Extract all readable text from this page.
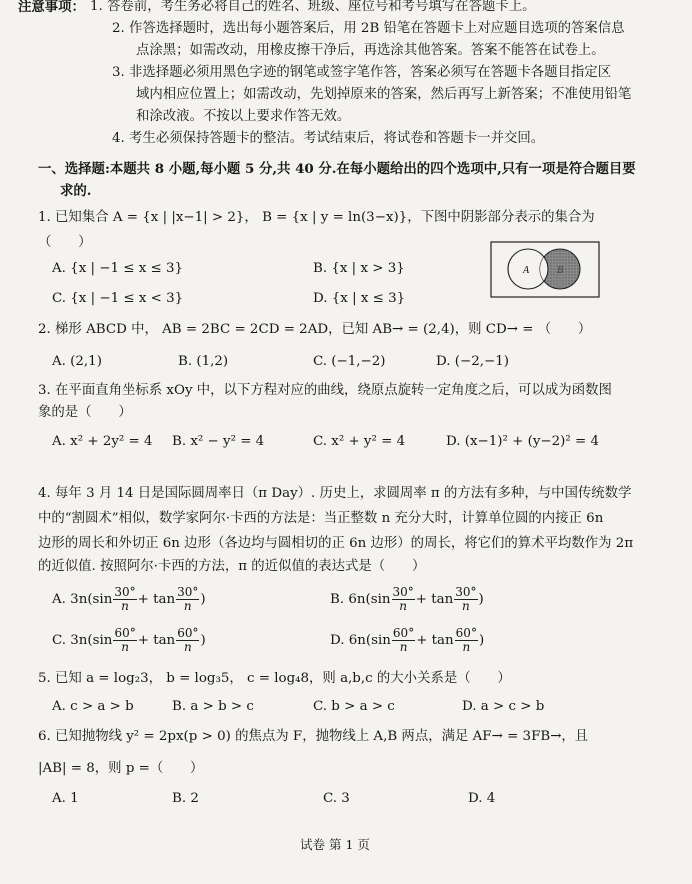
注意事项： 1. 答卷前，考生务必将自己的姓名、班级、座位号和考号填写在答题卡上。
2. 作答选择题时，选出每小题答案后，用 2B 铅笔在答题卡上对应题目选项的答案信息
点涂黑；如需改动，用橡皮擦干净后，再选涂其他答案。答案不能答在试卷上。
3. 非选择题必须用黑色字迹的钢笔或签字笔作答，答案必须写在答题卡各题目指定区
域内相应位置上；如需改动，先划掉原来的答案，然后再写上新答案；不准使用铅笔
和涂改液。不按以上要求作答无效。
4. 考生必须保持答题卡的整洁。考试结束后，将试卷和答题卡一并交回。
一、选择题:本题共 8 小题,每小题 5 分,共 40 分.在每小题给出的四个选项中,只有一项是符合题目要
求的.
1. 已知集合 A = {x | |x−1| > 2}， B = {x | y = ln(3−x)}，下图中阴影部分表示的集合为
（　　）
A. {x | −1 ≤ x ≤ 3}	B. {x | x > 3}
C. {x | −1 ≤ x < 3}	D. {x | x ≤ 3}
A	B
2. 梯形 ABCD 中， AB = 2BC = 2CD = 2AD，已知 AB→ = (2,4)，则 CD→ = （　　）
A. (2,1)	B. (1,2)	C. (−1,−2)	D. (−2,−1)
3. 在平面直角坐标系 xOy 中，以下方程对应的曲线，绕原点旋转一定角度之后，可以成为函数图
象的是（　　）
A. x² + 2y² = 4 B. x² − y² = 4	C. x² + y² = 4	D. (x−1)² + (y−2)² = 4
4. 每年 3 月 14 日是国际圆周率日（π Day）. 历史上，求圆周率 π 的方法有多种，与中国传统数学
中的“割圆术”相似，数学家阿尔·卡西的方法是：当正整数 n 充分大时，计算单位圆的内接正 6n
边形的周长和外切正 6n 边形（各边均与圆相切的正 6n 边形）的周长，将它们的算术平均数作为 2π
的近似值. 按照阿尔·卡西的方法，π 的近似值的表达式是（　　）
A. $3n(\sin \frac{30^\circ}{n} + \tan \frac{30^\circ}{n}$ )	B. $6n(\sin \frac{30^\circ}{n} + \tan \frac{30^\circ}{n}$ )
C. $3n(\sin \frac{60^\circ}{n} + \tan \frac{60^\circ}{n}$ )	D. $6n(\sin \frac{60^\circ}{n} + \tan \frac{60^\circ}{n}$ )
5. 已知 a = log₂3， b = log₃5， c = log₄8，则 a,b,c 的大小关系是（　　）
A. c > a > b	B. a > b > c	C. b > a > c	D. a > c > b
6. 已知抛物线 y² = 2px(p > 0) 的焦点为 F，抛物线上 A,B 两点，满足 AF→ = 3FB→，且
|AB| = 8，则 p =（　　）
A. 1	B. 2	C. 3	D. 4
试卷 第 1 页
